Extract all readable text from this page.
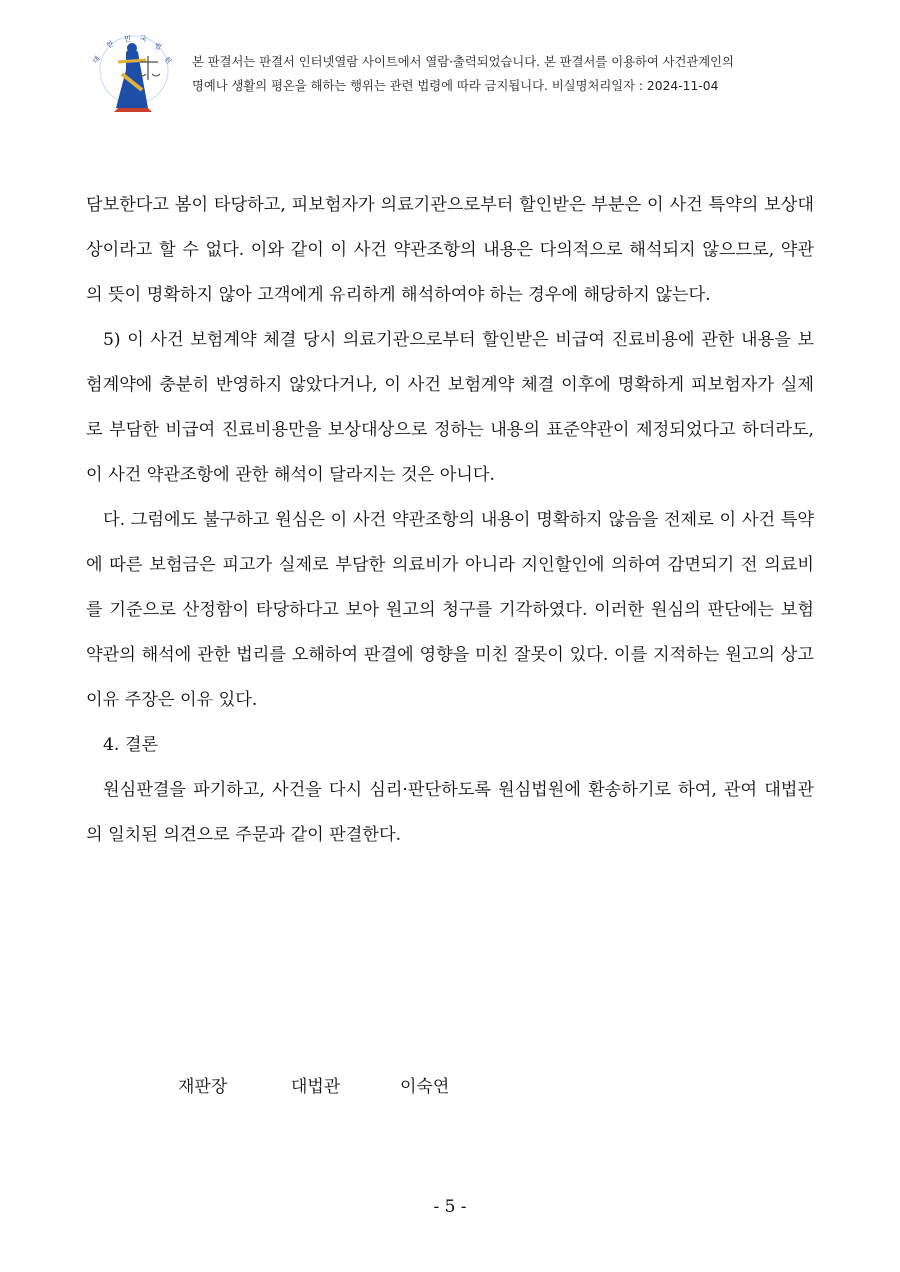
대
한
민 국
법
원 본 판결서는 판결서 인터넷열람 사이트에서 열람·출력되었습니다. 본 판결서를 이용하여 사건관계인의
명예나 생활의 평온을 해하는 행위는 관련 법령에 따라 금지됩니다. 비실명처리일자 : 2024-11-04

담보한다고 봄이 타당하고, 피보험자가 의료기관으로부터 할인받은 부분은 이 사건 특약의 보상대상이라고 할 수 없다. 이와 같이 이 사건 약관조항의 내용은 다의적으로 해석되지 않으므로, 약관의 뜻이 명확하지 않아 고객에게 유리하게 해석하여야 하는 경우에 해당하지 않는다.

5) 이 사건 보험계약 체결 당시 의료기관으로부터 할인받은 비급여 진료비용에 관한 내용을 보험계약에 충분히 반영하지 않았다거나, 이 사건 보험계약 체결 이후에 명확하게 피보험자가 실제로 부담한 비급여 진료비용만을 보상대상으로 정하는 내용의 표준약관이 제정되었다고 하더라도, 이 사건 약관조항에 관한 해석이 달라지는 것은 아니다.

다. 그럼에도 불구하고 원심은 이 사건 약관조항의 내용이 명확하지 않음을 전제로 이 사건 특약에 따른 보험금은 피고가 실제로 부담한 의료비가 아니라 지인할인에 의하여 감면되기 전 의료비를 기준으로 산정함이 타당하다고 보아 원고의 청구를 기각하였다. 이러한 원심의 판단에는 보험약관의 해석에 관한 법리를 오해하여 판결에 영향을 미친 잘못이 있다. 이를 지적하는 원고의 상고이유 주장은 이유 있다.

4. 결론

원심판결을 파기하고, 사건을 다시 심리·판단하도록 원심법원에 환송하기로 하여, 관여 대법관의 일치된 의견으로 주문과 같이 판결한다.

재판장	대법관	이숙연
- 5 -
